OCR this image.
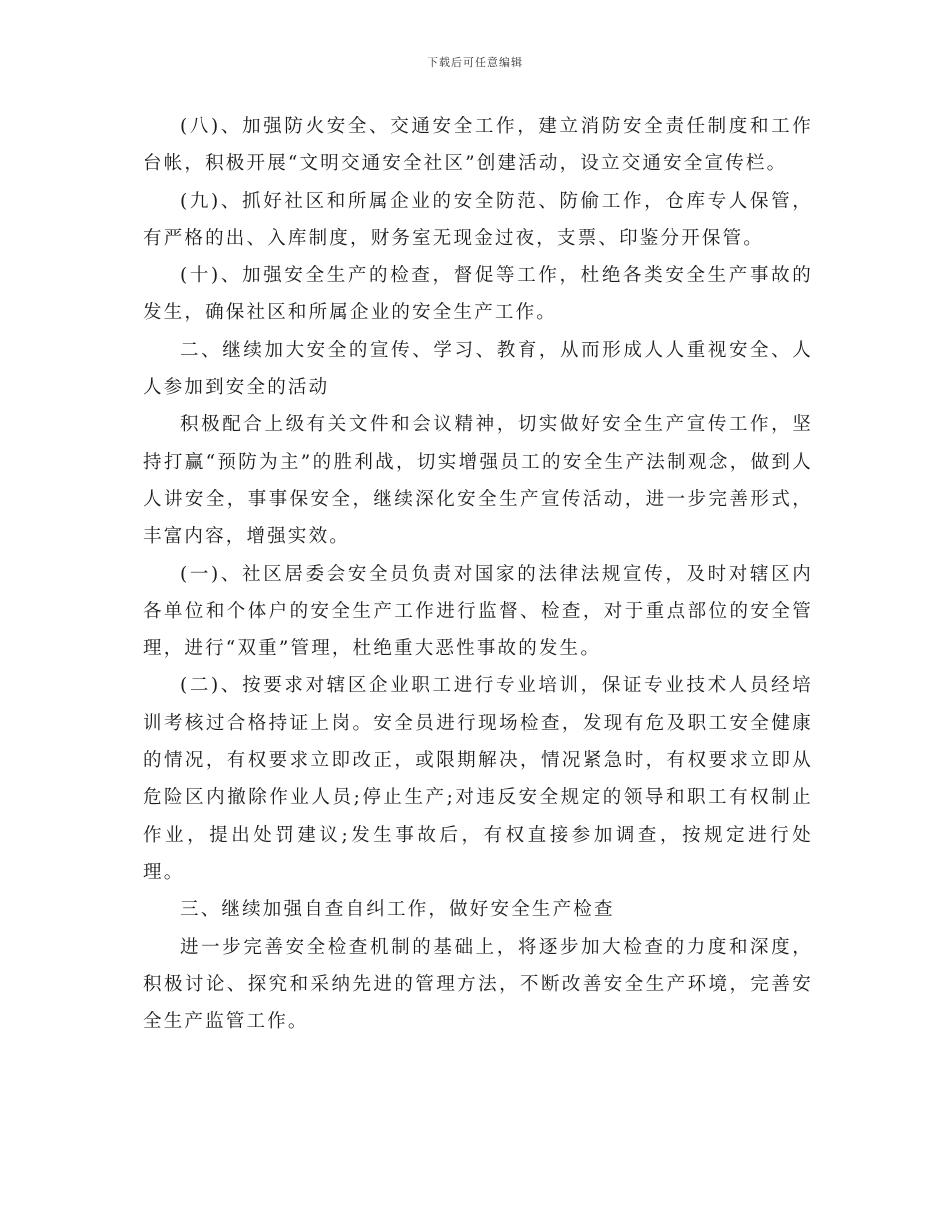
下载后可任意编辑

(八)、加强防火安全、交通安全工作，建立消防安全责任制度和工作台帐，积极开展“文明交通安全社区”创建活动，设立交通安全宣传栏。

(九)、抓好社区和所属企业的安全防范、防偷工作，仓库专人保管，有严格的出、入库制度，财务室无现金过夜，支票、印鉴分开保管。

(十)、加强安全生产的检查，督促等工作，杜绝各类安全生产事故的发生，确保社区和所属企业的安全生产工作。

二、继续加大安全的宣传、学习、教育，从而形成人人重视安全、人人参加到安全的活动

积极配合上级有关文件和会议精神，切实做好安全生产宣传工作，坚持打赢“预防为主”的胜利战，切实增强员工的安全生产法制观念，做到人人讲安全，事事保安全，继续深化安全生产宣传活动，进一步完善形式，丰富内容，增强实效。

(一)、社区居委会安全员负责对国家的法律法规宣传，及时对辖区内各单位和个体户的安全生产工作进行监督、检查，对于重点部位的安全管理，进行“双重”管理，杜绝重大恶性事故的发生。

(二)、按要求对辖区企业职工进行专业培训，保证专业技术人员经培训考核过合格持证上岗。安全员进行现场检查，发现有危及职工安全健康的情况，有权要求立即改正，或限期解决，情况紧急时，有权要求立即从危险区内撤除作业人员;停止生产;对违反安全规定的领导和职工有权制止作业，提出处罚建议;发生事故后，有权直接参加调查，按规定进行处理。

三、继续加强自查自纠工作，做好安全生产检查

进一步完善安全检查机制的基础上，将逐步加大检查的力度和深度，积极讨论、探究和采纳先进的管理方法，不断改善安全生产环境，完善安全生产监管工作。
